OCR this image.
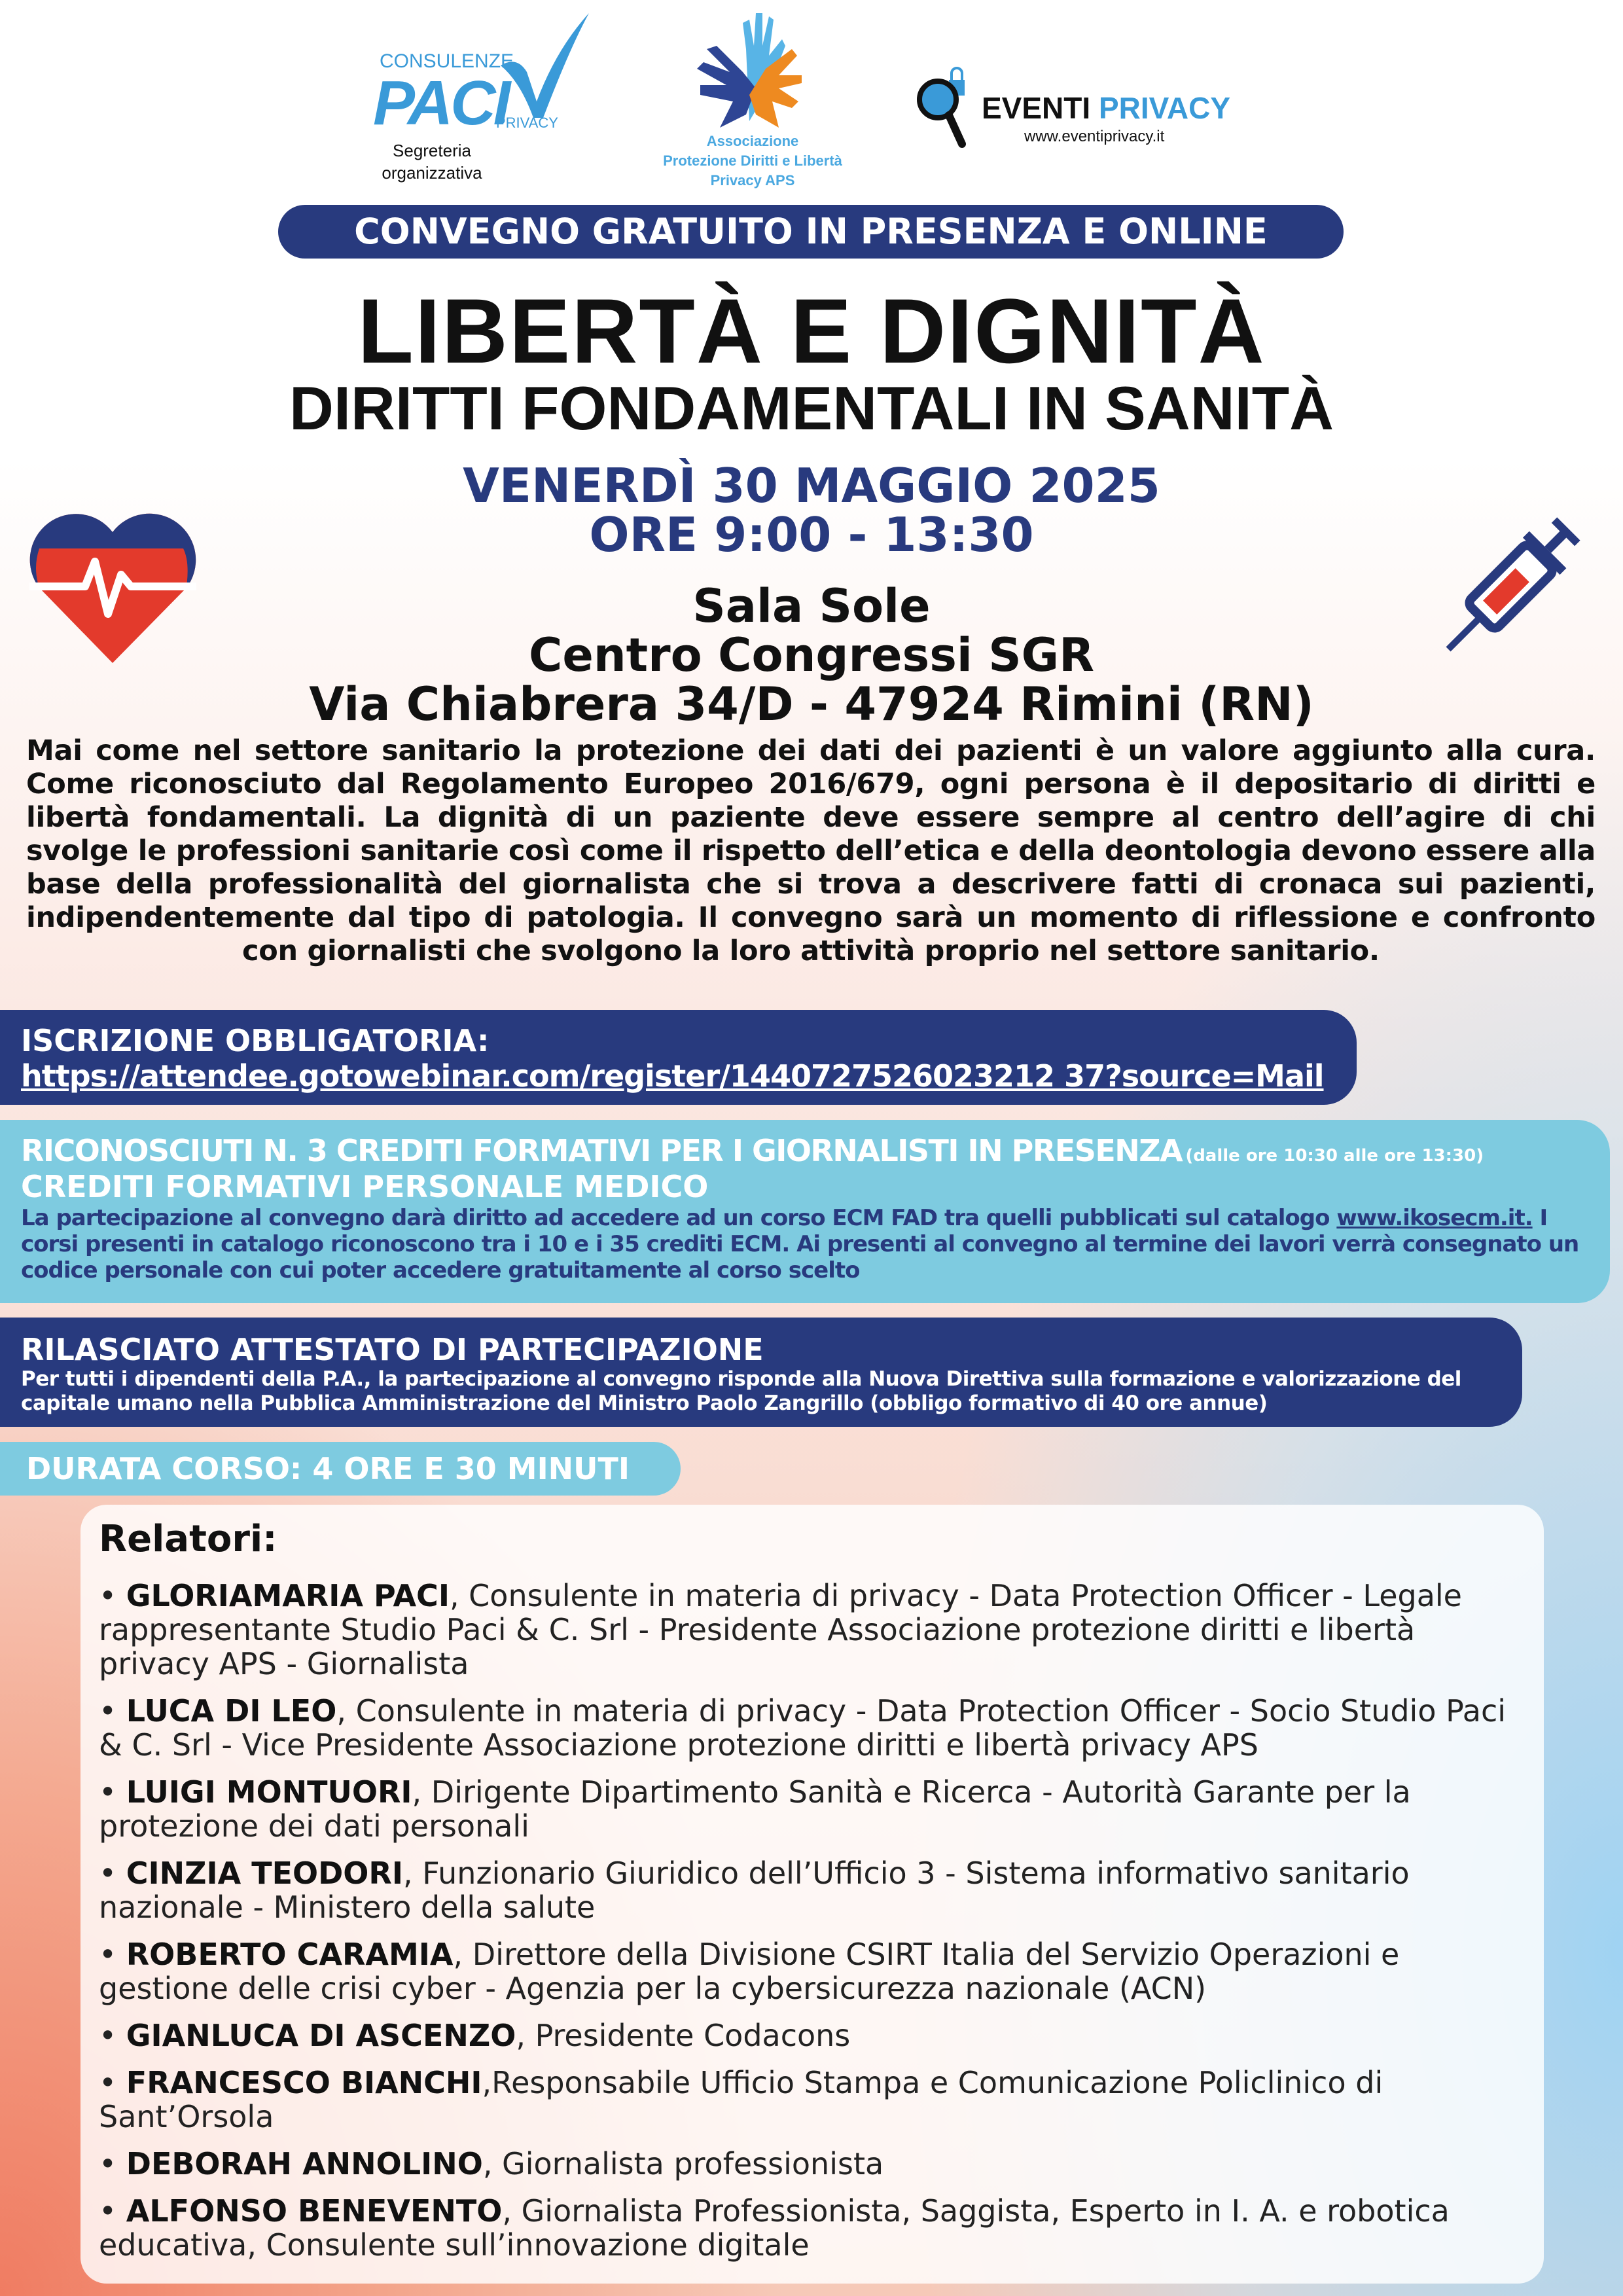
CONSULENZE
PACI
PRIVACY
Segreteria
organizzativa
Associazione
Protezione Diritti e Libertà
Privacy APS
EVENTI PRIVACY
www.eventiprivacy.it
CONVEGNO GRATUITO IN PRESENZA E ONLINE
LIBERTÀ E DIGNITÀ
DIRITTI FONDAMENTALI IN SANITÀ
VENERDÌ 30 MAGGIO 2025
ORE 9:00 - 13:30
Sala Sole
Centro Congressi SGR
Via Chiabrera 34/D - 47924 Rimini (RN)
Mai come nel settore sanitario la protezione dei dati dei pazienti è un valore aggiunto alla cura. Come riconosciuto dal Regolamento Europeo 2016/679, ogni persona è il depositario di diritti e libertà fondamentali. La dignità di un paziente deve essere sempre al centro dell’agire di chi svolge le professioni sanitarie così come il rispetto dell’etica e della deontologia devono essere alla base della professionalità del giornalista che si trova a descrivere fatti di cronaca sui pazienti, indipendentemente dal tipo di patologia. Il convegno sarà un momento di riflessione e confronto con giornalisti che svolgono la loro attività proprio nel settore sanitario.
ISCRIZIONE OBBLIGATORIA:
https://attendee.gotowebinar.com/register/1440727526023212 37?source=Mail
RICONOSCIUTI N. 3 CREDITI FORMATIVI PER I GIORNALISTI IN PRESENZA (dalle ore 10:30 alle ore 13:30)
CREDITI FORMATIVI PERSONALE MEDICO
La partecipazione al convegno darà diritto ad accedere ad un corso ECM FAD tra quelli pubblicati sul catalogo www.ikosecm.it. I corsi presenti in catalogo riconoscono tra i 10 e i 35 crediti ECM. Ai presenti al convegno al termine dei lavori verrà consegnato un codice personale con cui poter accedere gratuitamente al corso scelto
RILASCIATO ATTESTATO DI PARTECIPAZIONE
Per tutti i dipendenti della P.A., la partecipazione al convegno risponde alla Nuova Direttiva sulla formazione e valorizzazione del capitale umano nella Pubblica Amministrazione del Ministro Paolo Zangrillo (obbligo formativo di 40 ore annue)
DURATA CORSO: 4 ORE E 30 MINUTI
Relatori:
• GLORIAMARIA PACI, Consulente in materia di privacy - Data Protection Officer - Legale rappresentante Studio Paci & C. Srl - Presidente Associazione protezione diritti e libertà privacy APS - Giornalista
• LUCA DI LEO, Consulente in materia di privacy - Data Protection Officer - Socio Studio Paci & C. Srl - Vice Presidente Associazione protezione diritti e libertà privacy APS
• LUIGI MONTUORI, Dirigente Dipartimento Sanità e Ricerca - Autorità Garante per la protezione dei dati personali
• CINZIA TEODORI, Funzionario Giuridico dell’Ufficio 3 - Sistema informativo sanitario nazionale - Ministero della salute
• ROBERTO CARAMIA, Direttore della Divisione CSIRT Italia del Servizio Operazioni e gestione delle crisi cyber - Agenzia per la cybersicurezza nazionale (ACN)
• GIANLUCA DI ASCENZO, Presidente Codacons
• FRANCESCO BIANCHI,Responsabile Ufficio Stampa e Comunicazione Policlinico di Sant’Orsola
• DEBORAH ANNOLINO, Giornalista professionista
• ALFONSO BENEVENTO, Giornalista Professionista, Saggista, Esperto in I. A. e robotica educativa, Consulente sull’innovazione digitale
